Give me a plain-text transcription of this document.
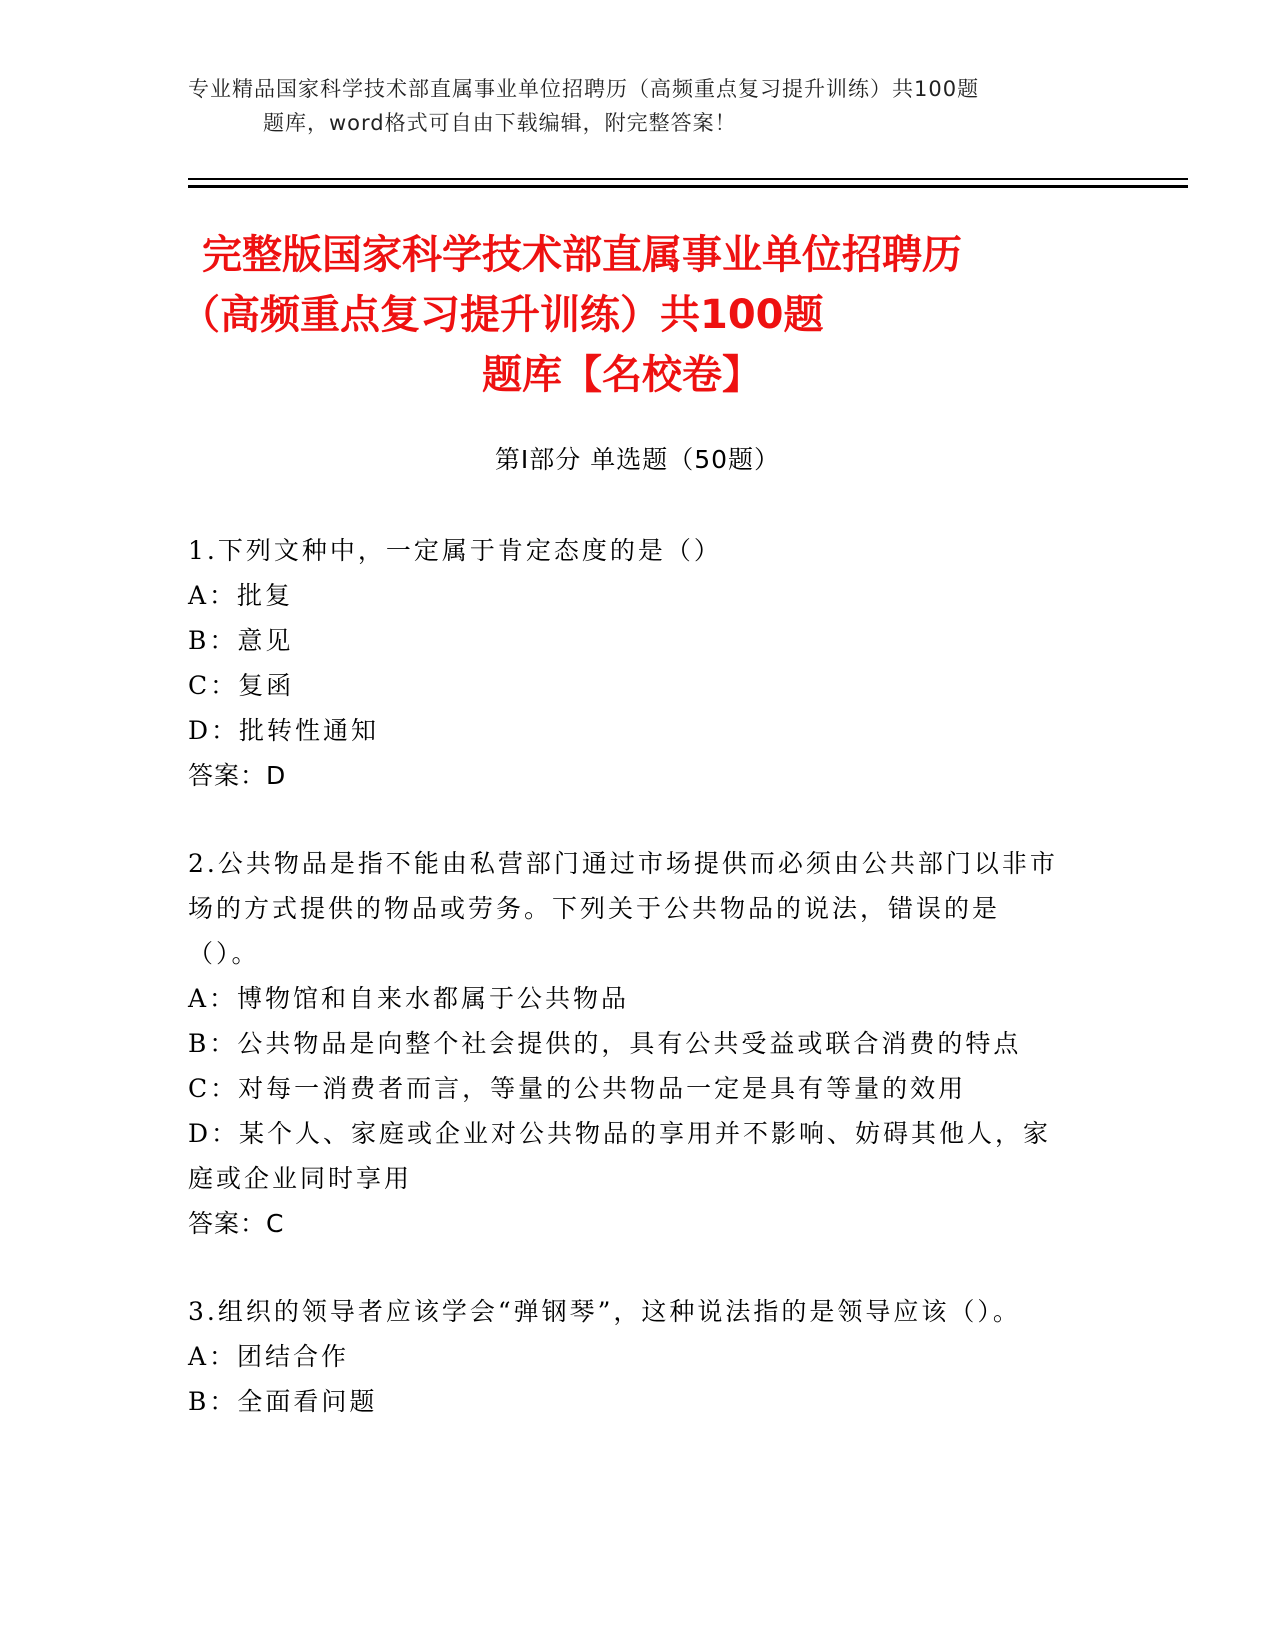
专业精品国家科学技术部直属事业单位招聘历（高频重点复习提升训练）共100题
题库，word格式可自由下载编辑，附完整答案！
完整版国家科学技术部直属事业单位招聘历
（高频重点复习提升训练）共100题
题库【名校卷】
第Ⅰ部分 单选题（50题）
1.下列文种中，一定属于肯定态度的是（）
A：批复
B：意见
C：复函
D：批转性通知
答案：D
2.公共物品是指不能由私营部门通过市场提供而必须由公共部门以非市场的方式提供的物品或劳务。下列关于公共物品的说法，错误的是（）。
A：博物馆和自来水都属于公共物品
B：公共物品是向整个社会提供的，具有公共受益或联合消费的特点
C：对每一消费者而言，等量的公共物品一定是具有等量的效用
D：某个人、家庭或企业对公共物品的享用并不影响、妨碍其他人，家庭或企业同时享用
答案：C
3.组织的领导者应该学会“弹钢琴”，这种说法指的是领导应该（）。
A：团结合作
B：全面看问题
